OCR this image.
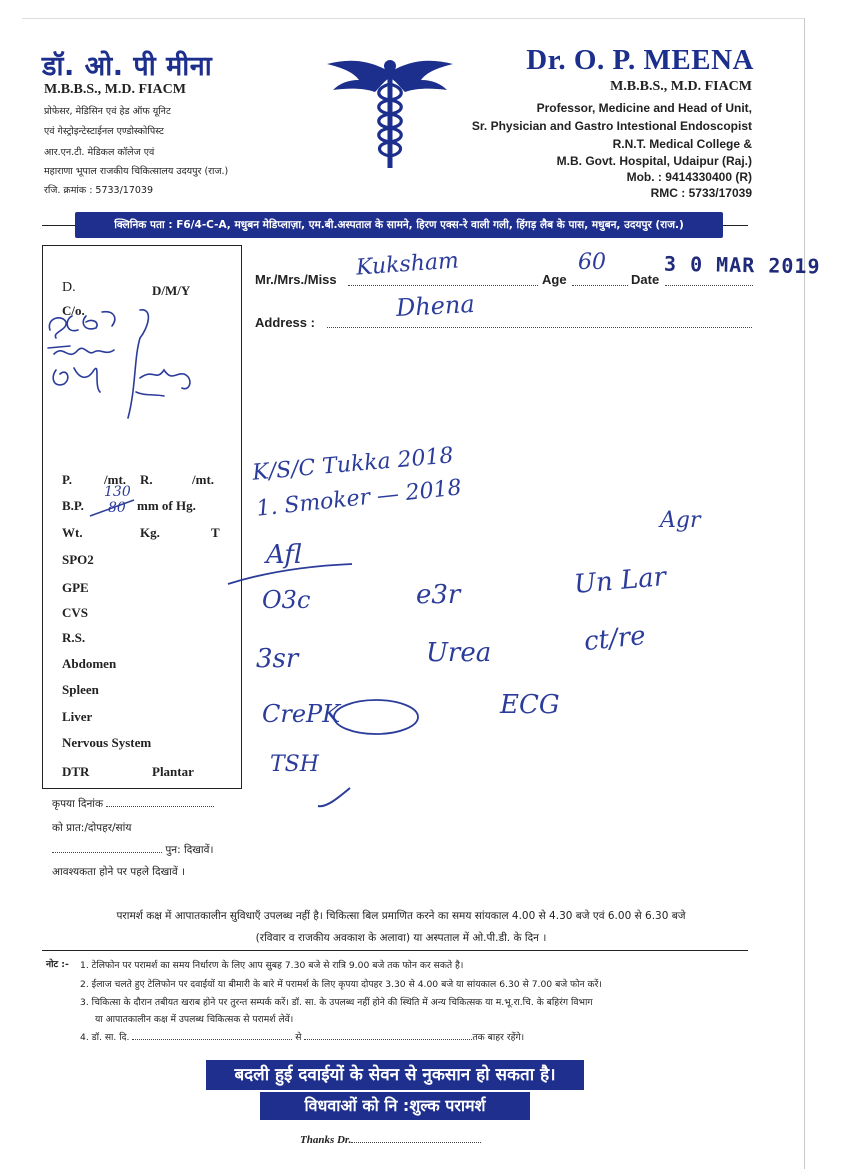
डॉ. ओ. पी मीना
M.B.B.S., M.D. FIACM
प्रोफेसर, मेडिसिन एवं हेड ऑफ यूनिट
एवं गेस्ट्रोइन्टेस्टाईनल एण्डोस्कोपिस्ट
आर.एन.टी. मेडिकल कॉलेज एवं
महाराणा भूपाल राजकीय चिकित्सालय उदयपुर (राज.)
रजि. क्रमांक : 5733/17039
Dr. O. P. MEENA
M.B.B.S., M.D. FIACM
Professor, Medicine and Head of Unit,
Sr. Physician and Gastro Intestional Endoscopist
R.N.T. Medical College &
M.B. Govt. Hospital, Udaipur (Raj.)
Mob. : 9414330400 (R)
RMC : 5733/17039
क्लिनिक पता : F6/4-C-A, मधुबन मेडिप्लाज़ा, एम.बी.अस्पताल के सामने, हिरण एक्स-रे वाली गली, हिंगड़ लैब के पास, मधुबन, उदयपुर (राज.)
D.	D/M/Y
C/o.
P. /mt. R.	/mt.
B.P.	mm of Hg.
130
80
Wt.	Kg.	T
SPO2
GPE
CVS
R.S.
Abdomen
Spleen
Liver
Nervous System
DTR	Plantar
कृपया दिनांक
को प्रात:/दोपहर/सांय
पुन: दिखावें।
आवश्यकता होने पर पहले दिखावें ।
Mr./Mrs./Miss	Age	Date
Address :
Kuksham	60	3 0 MAR 2019
Dhena
K/S/C Tukka 2018
1. Smoker — 2018
Afl
Agr
O3c	e3r	Un Lar
3sr	Urea	ct/re
CrePK	ECG
TSH
परामर्श कक्ष में आपातकालीन सुविधाएँ उपलब्ध नहीं है। चिकित्सा बिल प्रमाणित करने का समय सांयकाल 4.00 से 4.30 बजे एवं 6.00 से 6.30 बजे
(रविवार व राजकीय अवकाश के अलावा) या अस्पताल में ओ.पी.डी. के दिन ।
नोट :- 1. टेलिफोन पर परामर्श का समय निर्धारण के लिए आप सुबह 7.30 बजे से रात्रि 9.00 बजे तक फोन कर सकते है।
2. ईलाज चलते हुए टेलिफोन पर दवाईयों या बीमारी के बारे में परामर्श के लिए कृपया दोपहर 3.30 से 4.00 बजे या सांयकाल 6.30 से 7.00 बजे फोन करें।
3. चिकित्सा के दौरान तबीयत खराब होने पर तुरन्त सम्पर्क करें। डॉ. सा. के उपलब्ध नहीं होने की स्थिति में अन्य चिकित्सक या म.भू.रा.चि. के बहिरंग विभाग
या आपातकालीन कक्ष में उपलब्ध चिकित्सक से परामर्श लेवें।
4. डॉ. सा. दि.	से	तक बाहर रहेंगे।
बदली हुई दवाईयों के सेवन से नुकसान हो सकता है।
विधवाओं को नि :शुल्क परामर्श
Thanks Dr.
